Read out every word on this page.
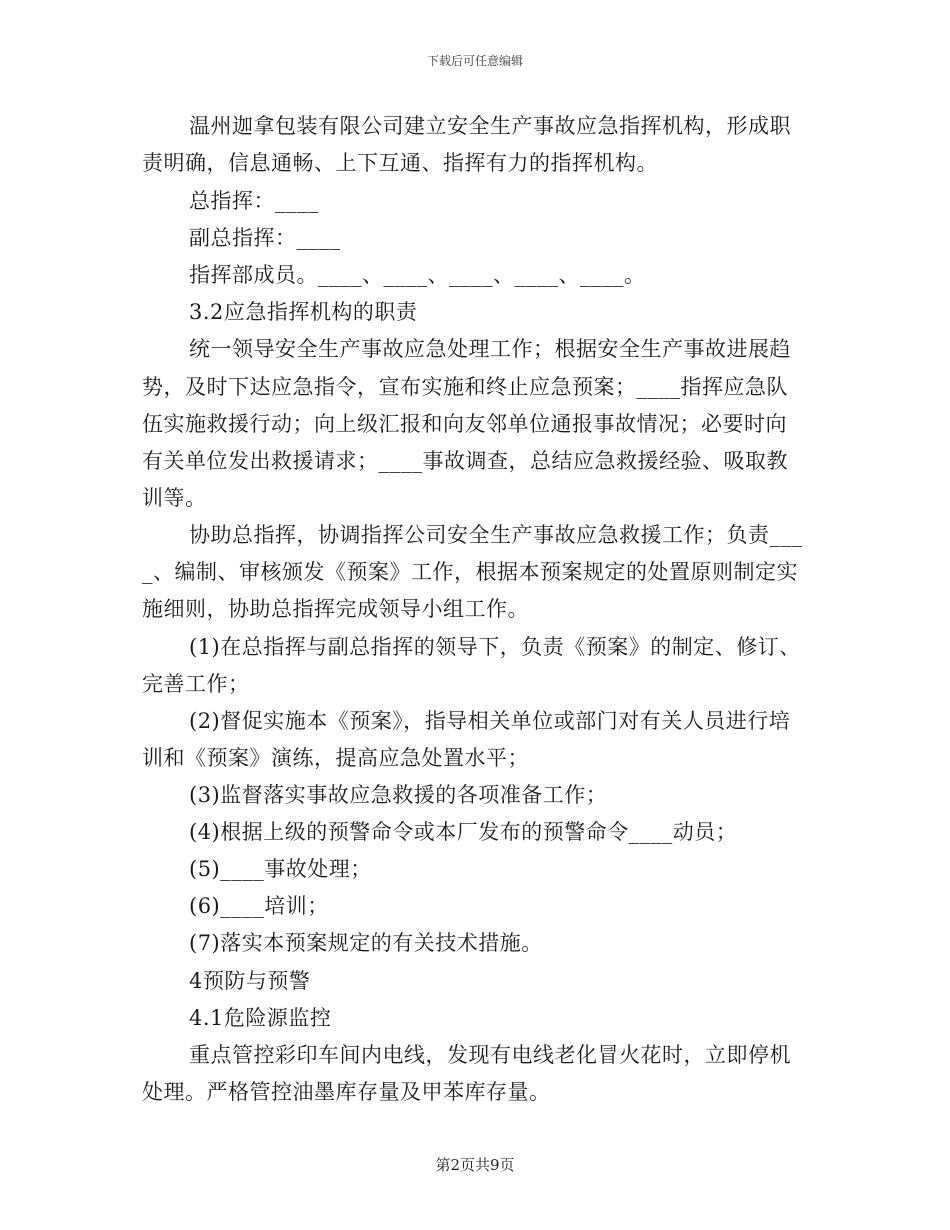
下载后可任意编辑
温州迦拿包装有限公司建立安全生产事故应急指挥机构，形成职
责明确，信息通畅、上下互通、指挥有力的指挥机构。
总指挥：____
副总指挥：____
指挥部成员。____、____、____、____、____。
3.2应急指挥机构的职责
统一领导安全生产事故应急处理工作；根据安全生产事故进展趋
势，及时下达应急指令，宣布实施和终止应急预案；____指挥应急队
伍实施救援行动；向上级汇报和向友邻单位通报事故情况；必要时向
有关单位发出救援请求；____事故调查，总结应急救援经验、吸取教
训等。
协助总指挥，协调指挥公司安全生产事故应急救援工作；负责___
_、编制、审核颁发《预案》工作，根据本预案规定的处置原则制定实
施细则，协助总指挥完成领导小组工作。
(1)在总指挥与副总指挥的领导下，负责《预案》的制定、修订、
完善工作；
(2)督促实施本《预案》，指导相关单位或部门对有关人员进行培
训和《预案》演练，提高应急处置水平；
(3)监督落实事故应急救援的各项准备工作；
(4)根据上级的预警命令或本厂发布的预警命令____动员；
(5)____事故处理；
(6)____培训；
(7)落实本预案规定的有关技术措施。
4预防与预警
4.1危险源监控
重点管控彩印车间内电线，发现有电线老化冒火花时，立即停机
处理。严格管控油墨库存量及甲苯库存量。
第2页共9页
